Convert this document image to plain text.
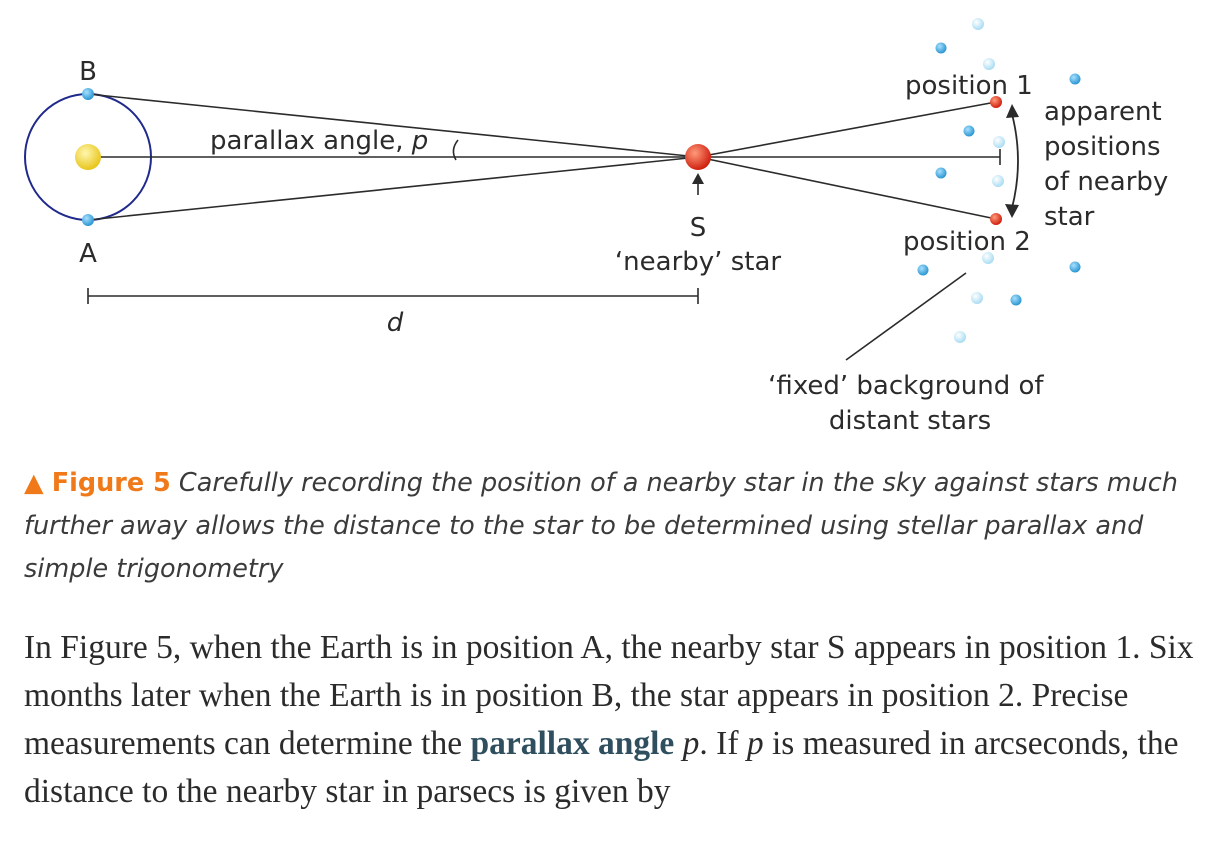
B
A
parallax angle, p
S
‘nearby’ star
d
position 1
position 2
apparent positions of nearby star
‘fixed’ background of distant stars
▲ Figure 5 Carefully recording the position of a nearby star in the sky against stars much further away allows the distance to the star to be determined using stellar parallax and simple trigonometry
In Figure 5, when the Earth is in position A, the nearby star S appears in position 1. Six months later when the Earth is in position B, the star appears in position 2. Precise measurements can determine the parallax angle p. If p is measured in arcseconds, the distance to the nearby star in parsecs is given by
